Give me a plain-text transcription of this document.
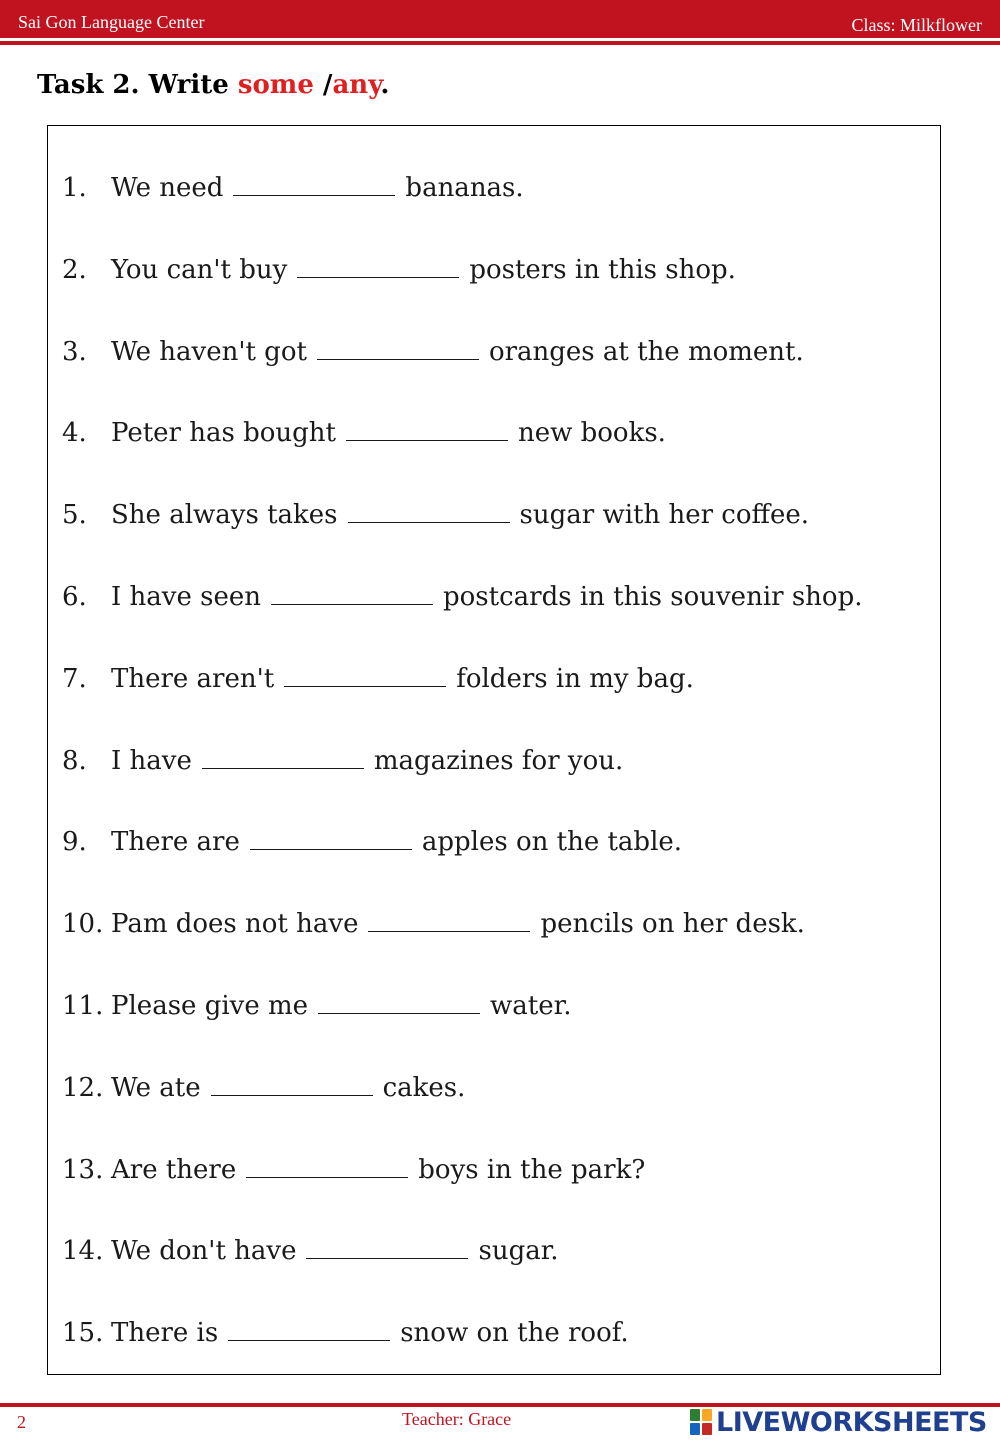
Sai Gon Language Center	Class: Milkflower
Task 2. Write some /any.
1. We need	bananas.
2. You can't buy	posters in this shop.
3. We haven't got	oranges at the moment.
4. Peter has bought	new books.
5. She always takes	sugar with her coffee.
6. I have seen	postcards in this souvenir shop.
7. There aren't	folders in my bag.
8. I have	magazines for you.
9. There are	apples on the table.
10. Pam does not have	pencils on her desk.
11. Please give me	water.
12. We ate	cakes.
13. Are there	boys in the park?
14. We don't have	sugar.
15. There is	snow on the roof.
2	Teacher: Grace	LIVEWORKSHEETS
